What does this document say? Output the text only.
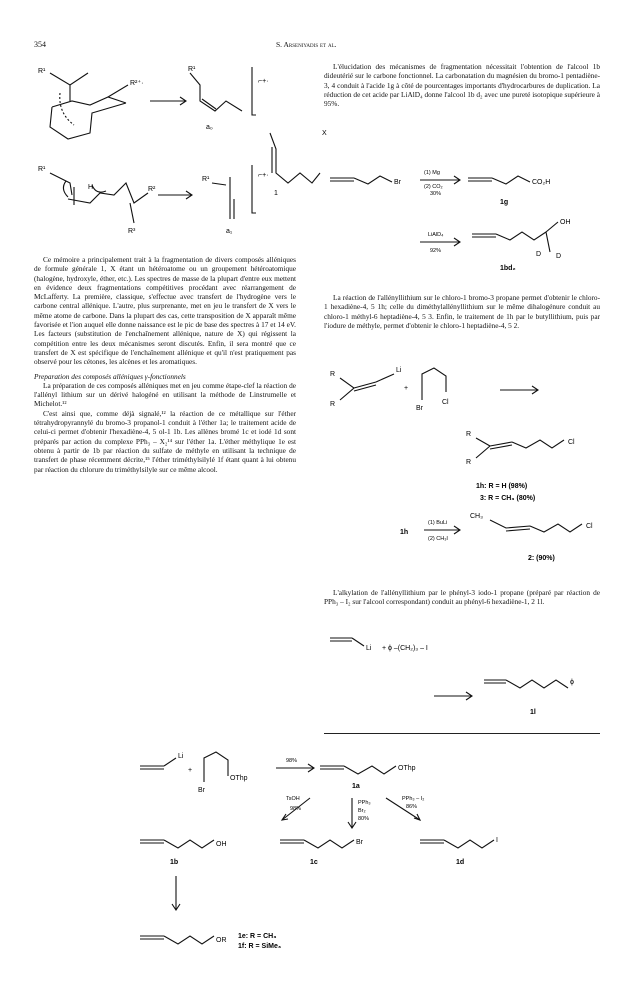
354	S. Arseniyadis et al.
R¹
R²⁺·
R¹
⌐+·
X
1
a₀
R¹
H	R²
R³
R¹
⌐+·
a₁

Ce mémoire a principalement trait à la fragmentation de divers composés alléniques de formule générale 1, X étant un hétéroatome ou un groupement hétéroatomique (halogène, hydroxyle, éther, etc.). Les spectres de masse de la plupart d'entre eux mettent en évidence deux fragmentations compétitives procédant avec réarrangement de McLafferty. La première, classique, s'effectue avec transfert de l'hydrogène vers le carbone central allénique. L'autre, plus surprenante, met en jeu le transfert de X vers le même atome de carbone. Dans la plupart des cas, cette transposition de X apparaît même favorisée et l'ion auquel elle donne naissance est le pic de base des spectres à 17 et 14 eV. Les facteurs (substitution de l'enchaînement allénique, nature de X) qui régissent la compétition entre les deux mécanismes seront discutés. Enfin, il sera montré que ce transfert de X est spécifique de l'enchaînement allénique et qu'il n'est pratiquement pas observé pour les cétones, les alcènes et les aromatiques.

Preparation des composés alléniques γ-fonctionnels

La préparation de ces composés alléniques met en jeu comme étape-clef la réaction de l'allényl lithium sur un dérivé halogéné en utilisant la méthode de Linstrumelle et Michelot.¹²

C'est ainsi que, comme déjà signalé,¹² la réaction de ce métallique sur l'éther tétrahydropyrannylé du bromo-3 propanol-1 conduit à l'éther 1a; le traitement acide de celui-ci permet d'obtenir l'hexadiène-4, 5 ol-1 1b. Les allènes bromé 1c et iodé 1d sont préparés par action du complexe PPh₃ – X₂¹⁴ sur l'éther 1a. L'éther méthylique 1e est obtenu à partir de 1b par réaction du sulfate de méthyle en utilisant la technique de transfert de phase récemment décrite,¹⁵ l'éther triméthylsilylé 1f étant quant à lui obtenu par réaction du chlorure du triméthylsilyle sur ce même alcool.

L'élucidation des mécanismes de fragmentation nécessitait l'obtention de l'alcool 1b dideutérié sur le carbone fonctionnel. La carbonatation du magnésien du bromo-1 pentadiène-3, 4 conduit à l'acide 1g à côté de pourcentages importants d'hydrocarbures de duplication. La réduction de cet acide par LiAlD₄ donne l'alcool 1b d₂ avec une pureté isotopique supérieure à 95%.

Br
(1) Mg
(2) CO₂
30%
CO₂H
1g
LiAlD₄
92%
OH
D D
1bd₂

La réaction de l'allényllithium sur le chloro-1 bromo-3 propane permet d'obtenir le chloro-1 hexadiène-4, 5 1h; celle du diméthylallényllithium sur le même dihalogénure conduit au chloro-1 méthyl-6 heptadiène-4, 5 3. Enfin, le traitement de 1h par le butyllithium, puis par l'iodure de méthyle, permet d'obtenir le chloro-1 heptadiène-4, 5 2.

R
R
Li
+
Br
Cl
R
R
Cl
1h: R = H (98%)
3: R = CH₃ (80%)
1h
(1) BuLi
(2) CH₃I
CH₃
Cl
2: (90%)

L'alkylation de l'allényllithium par le phényl-3 iodo-1 propane (préparé par réaction de PPh₃ – I₂ sur l'alcool correspondant) conduit au phényl-6 hexadiène-1, 2 1l.

Li + ϕ –(CH₂)₃ – I
ϕ
1l
Li
+
Br
OThp
98%
OThp
1a
TsOH
98%
PPh₃
Br₂
80%
PPh₃ – I₂
86%
OH
1b
Br
1c
I
1d
OR
1e: R = CH₃
1f: R = SiMe₃
